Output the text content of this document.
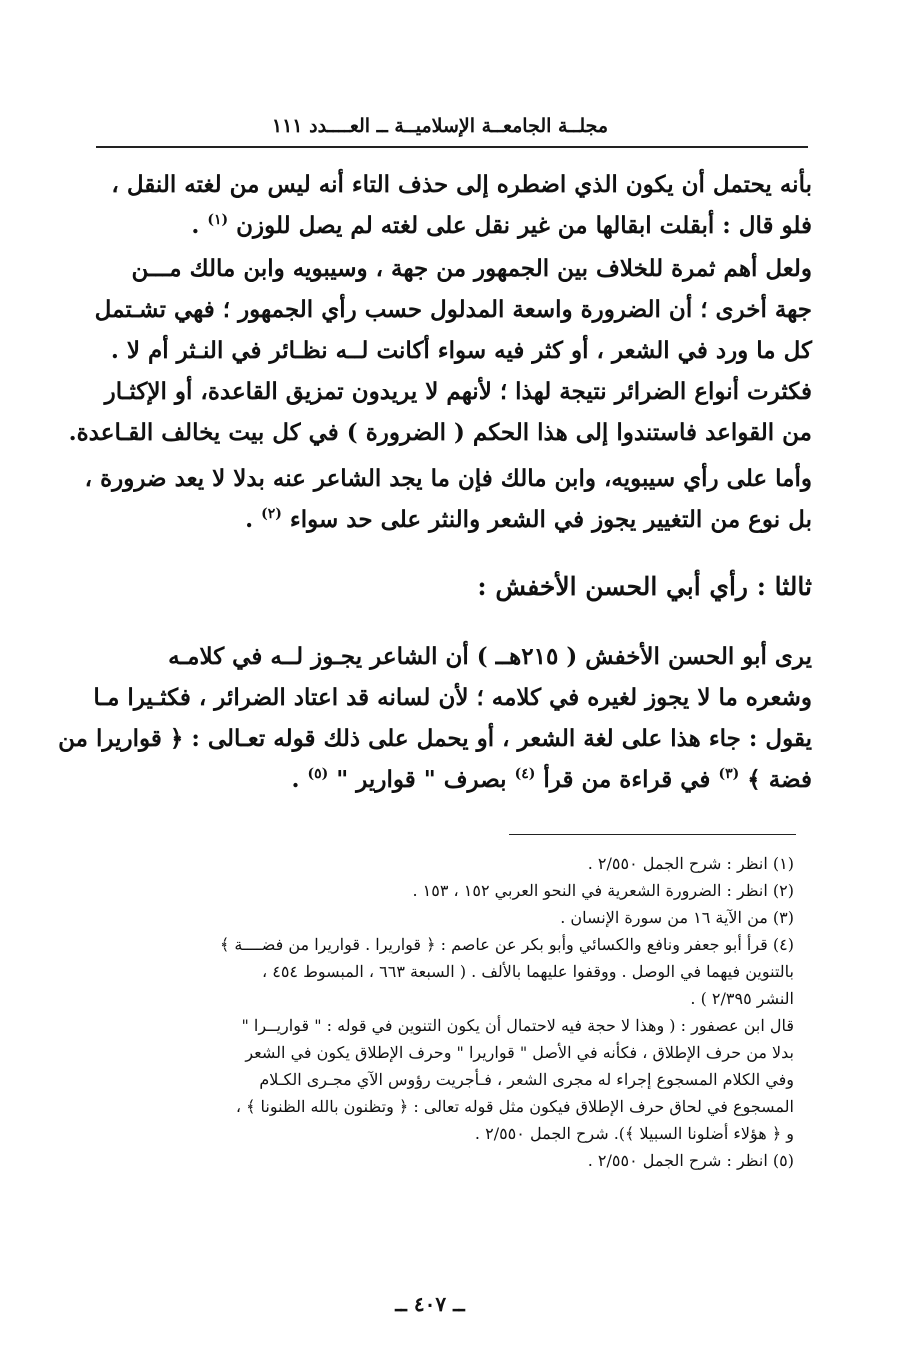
مجلــة الجامعــة الإسلاميــة ــ العــــدد ١١١
بأنه يحتمل أن يكون الذي اضطره إلى حذف التاء أنه ليس من لغته النقل ،
فلو قال : أبقلت ابقالها من غير نقل على لغته لم يصل للوزن $^{(١)}$ .
ولعل أهم ثمرة للخلاف بين الجمهور من جهة ، وسيبويه وابن مالك مـــن
جهة أخرى ؛ أن الضرورة واسعة المدلول حسب رأي الجمهور ؛ فهي تشـتمل
كل ما ورد في الشعر ، أو كثر فيه سواء أكانت لــه نظـائر في النـثر أم لا .
فكثرت أنواع الضرائر نتيجة لهذا ؛ لأنهم لا يريدون تمزيق القاعدة، أو الإكثـار
من القواعد فاستندوا إلى هذا الحكم ( الضرورة ) في كل بيت يخالف القـاعدة.
وأما على رأي سيبويه، وابن مالك فإن ما يجد الشاعر عنه بدلا لا يعد ضرورة ،
بل نوع من التغيير يجوز في الشعر والنثر على حد سواء $^{(٢)}$ .
ثالثا : رأي أبي الحسن الأخفش :
يرى أبو الحسن الأخفش ( ٢١٥هــ ) أن الشاعر يجـوز لــه في كلامـه
وشعره ما لا يجوز لغيره في كلامه ؛ لأن لسانه قد اعتاد الضرائر ، فكثـيرا مـا
يقول : جاء هذا على لغة الشعر ، أو يحمل على ذلك قوله تعـالى : ﴿ قواريرا من
فضة ﴾ $^{(٣)}$ في قراءة من قرأ $^{(٤)}$ بصرف " قوارير " $^{(٥)}$ .
(١) انظر : شرح الجمل ٢/٥٥٠ .
(٢) انظر : الضرورة الشعرية في النحو العربي ١٥٢ ، ١٥٣ .
(٣) من الآية ١٦ من سورة الإنسان .
(٤) قرأ أبو جعفر ونافع والكسائي وأبو بكر عن عاصم : ﴿ قواريرا . قواريرا من فضــــة ﴾
بالتنوين فيهما في الوصل . ووقفوا عليهما بالألف . ( السبعة ٦٦٣ ، المبسوط ٤٥٤ ،
النشر ٢/٣٩٥ ) .
قال ابن عصفور : ( وهذا لا حجة فيه لاحتمال أن يكون التنوين في قوله : " قواريــرا "
بدلا من حرف الإطلاق ، فكأنه في الأصل " قواريرا " وحرف الإطلاق يكون في الشعر
وفي الكلام المسجوع إجراء له مجرى الشعر ، فـأجريت رؤوس الآي مجـرى الكـلام
المسجوع في لحاق حرف الإطلاق فيكون مثل قوله تعالى : ﴿ وتظنون بالله الظنونا ﴾ ،
و ﴿ هؤلاء أضلونا السبيلا ﴾). شرح الجمل ٢/٥٥٠ .
(٥) انظر : شرح الجمل ٢/٥٥٠ .
ــ ٤٠٧ ــ
